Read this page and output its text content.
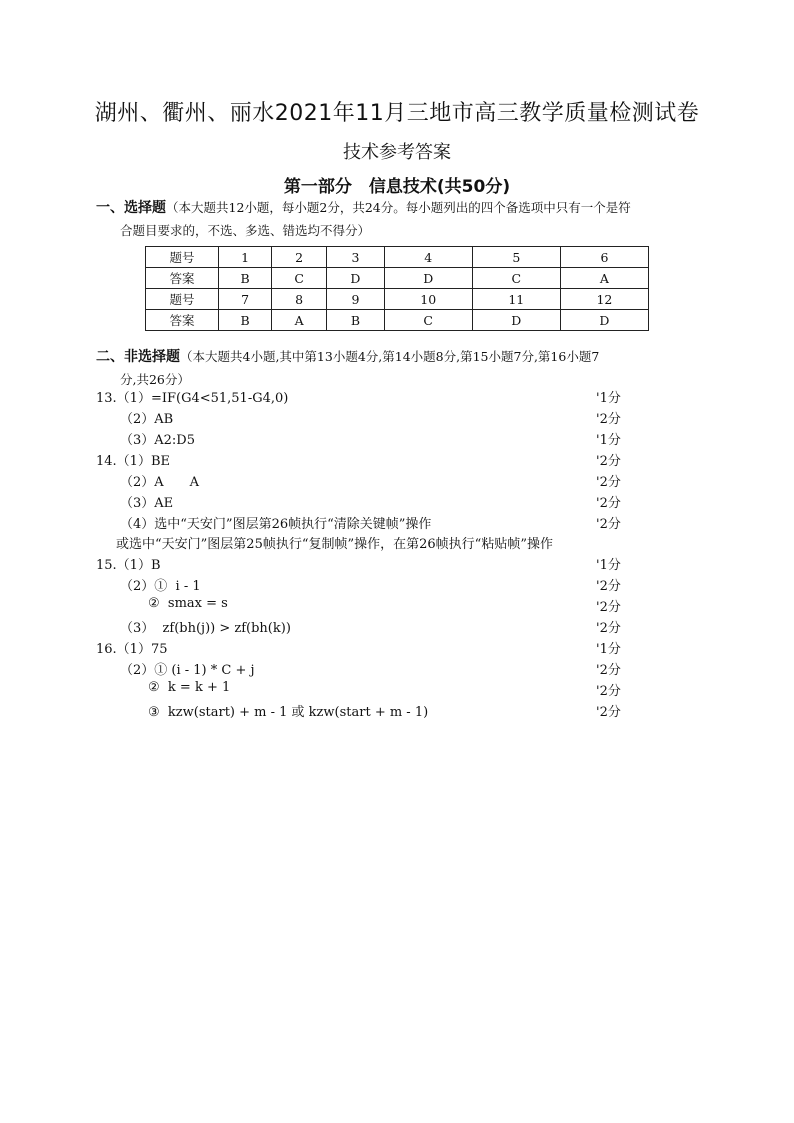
湖州、衢州、丽水2021年11月三地市高三教学质量检测试卷
技术参考答案
第一部分　信息技术(共50分)
一、选择题（本大题共12小题，每小题2分，共24分。每小题列出的四个备选项中只有一个是符
合题目要求的，不选、多选、错选均不得分）
题号	1	2	3	4	5	6
答案	B	C	D	D	C	A
题号	7	8	9	10	11	12
答案	B	A	B	C	D	D
二、非选择题（本大题共4小题,其中第13小题4分,第14小题8分,第15小题7分,第16小题7
分,共26分）
13.（1）=IF(G4<51,51-G4,0)	'1分
（2）AB	'2分
（3）A2:D5	'1分
14.（1）BE	'2分
（2）A　　A	'2分
（3）AE	'2分
（4）选中“天安门”图层第26帧执行“清除关键帧”操作	'2分
或选中“天安门”图层第25帧执行“复制帧”操作，在第26帧执行“粘贴帧”操作
15.（1）B	'1分
（2）①  i - 1	'2分
②  smax = s	'2分
（3）  zf(bh(j)) > zf(bh(k))	'2分
16.（1）75	'1分
（2）① (i - 1) * C + j	'2分
②  k = k + 1	'2分
③  kzw(start) + m - 1 或 kzw(start + m - 1)	'2分
